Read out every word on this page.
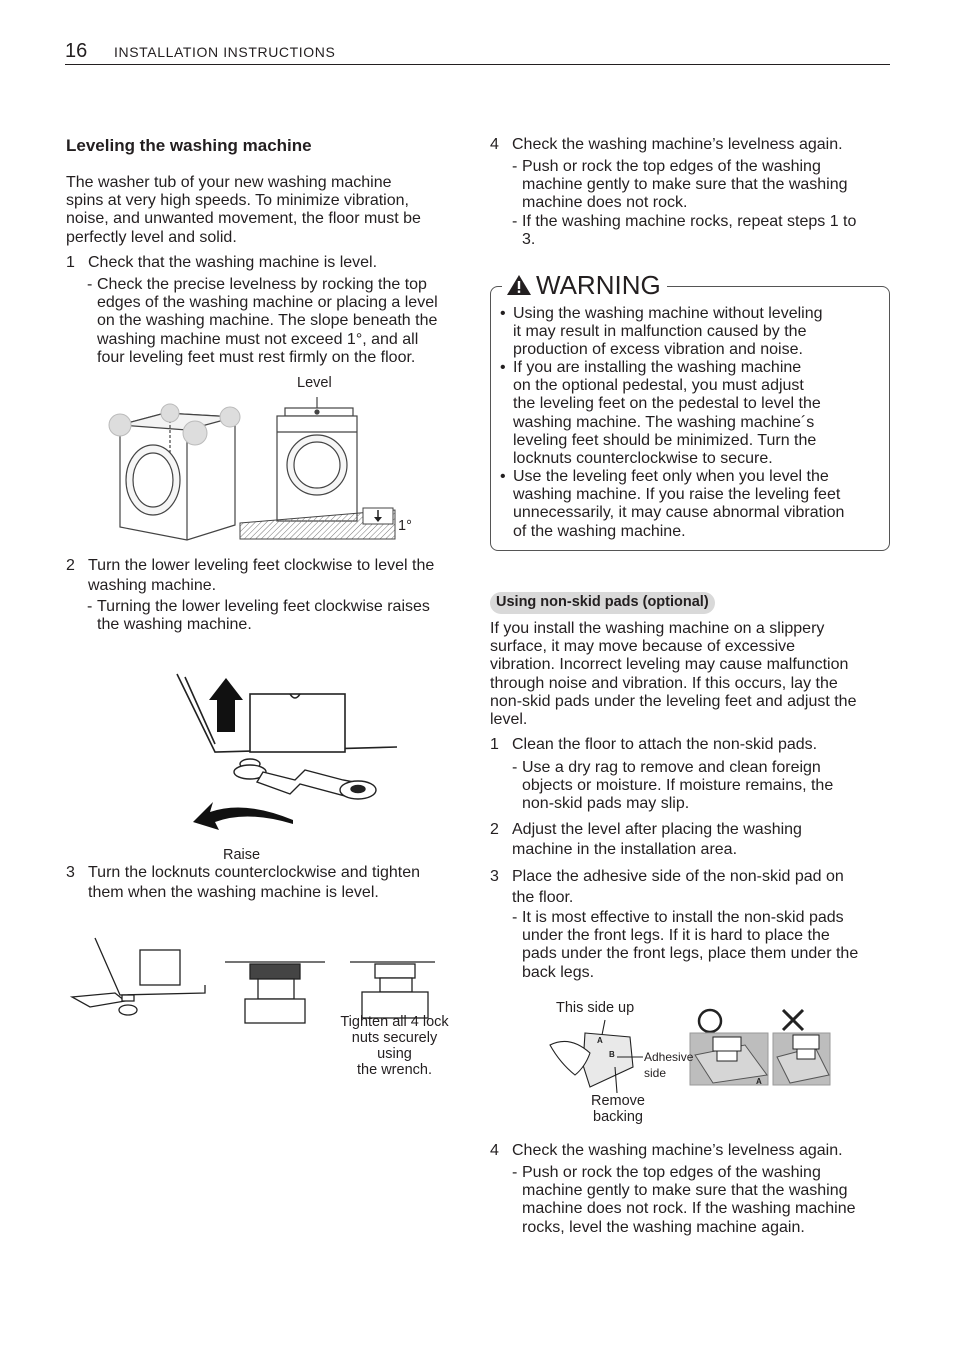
16 INSTALLATION INSTRUCTIONS
Leveling the washing machine
The washer tub of your new washing machine
spins at very high speeds. To minimize vibration,
noise, and unwanted movement, the floor must be
perfectly level and solid.
1 Check that the washing machine is level.
- Check the precise levelness by rocking the top
edges of the washing machine or placing a level
on the washing machine. The slope beneath the
washing machine must not exceed 1°, and all
four leveling feet must rest firmly on the floor.
Level
1°
2 Turn the lower leveling feet clockwise to level the
washing machine.
- Turning the lower leveling feet clockwise raises
the washing machine.
Raise
3 Turn the locknuts counterclockwise and tighten
them when the washing machine is level.
Tighten all 4 lock
nuts securely
using
the wrench.
4 Check the washing machine’s levelness again.
- Push or rock the top edges of the washing
machine gently to make sure that the washing
machine does not rock.
- If the washing machine rocks, repeat steps 1 to
3.
WARNING
• Using the washing machine without leveling
it may result in malfunction caused by the
production of excess vibration and noise.
• If you are installing the washing machine
on the optional pedestal, you must adjust
the leveling feet on the pedestal to level the
washing machine. The washing machine´s
leveling feet should be minimized. Turn the
locknuts counterclockwise to secure.
• Use the leveling feet only when you level the
washing machine. If you raise the leveling feet
unnecessarily, it may cause abnormal vibration
of the washing machine.
Using non-skid pads (optional)
If you install the washing machine on a slippery
surface, it may move because of excessive
vibration. Incorrect leveling may cause malfunction
through noise and vibration. If this occurs, lay the
non-skid pads under the leveling feet and adjust the
level.
1 Clean the floor to attach the non-skid pads.
- Use a dry rag to remove and clean foreign
objects or moisture. If moisture remains, the
non-skid pads may slip.
2 Adjust the level after placing the washing
machine in the installation area.
3 Place the adhesive side of the non-skid pad on
the floor.
- It is most effective to install the non-skid pads
under the front legs. If it is hard to place the
pads under the front legs, place them under the
back legs.
This side up
A
B
A
Adhesive
side
Remove
backing
4 Check the washing machine’s levelness again.
- Push or rock the top edges of the washing
machine gently to make sure that the washing
machine does not rock. If the washing machine
rocks, level the washing machine again.
